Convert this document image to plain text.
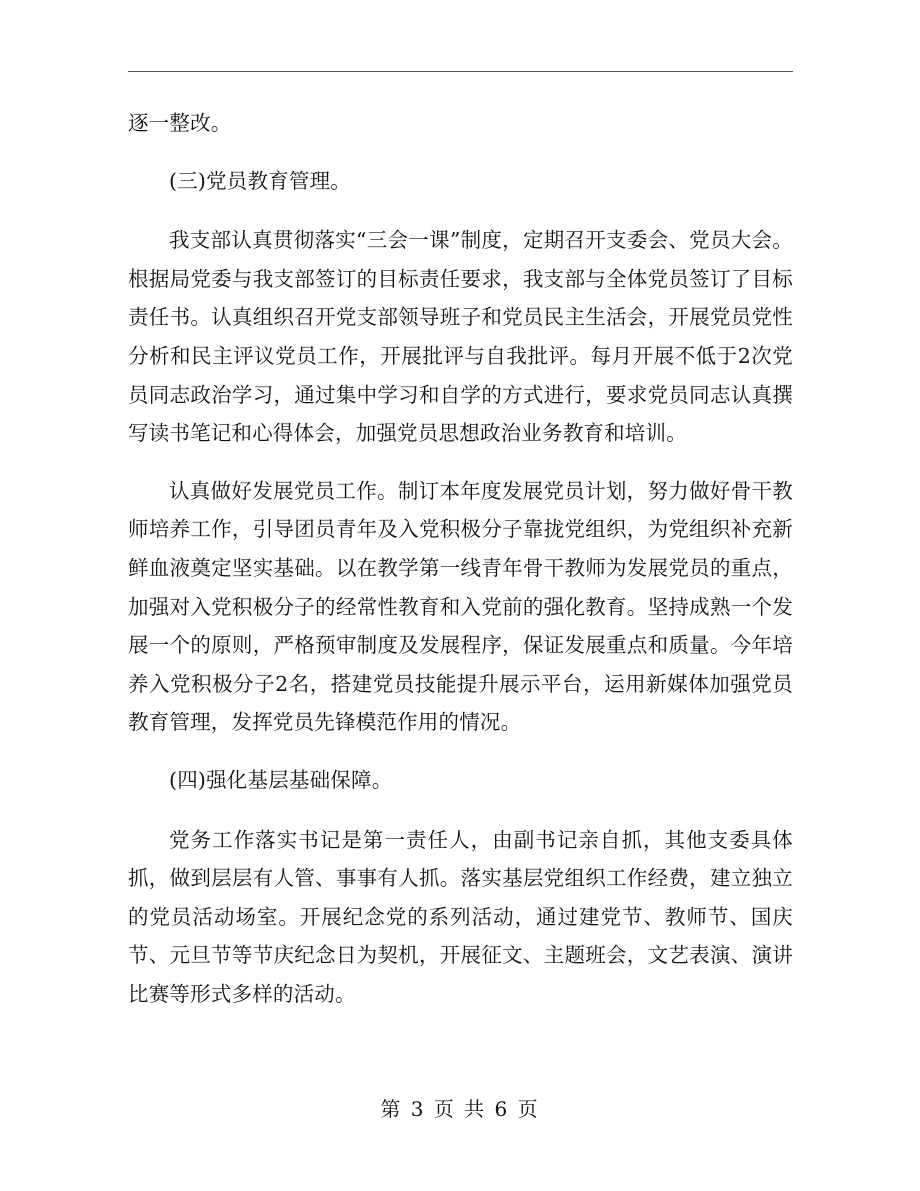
逐一整改。

(三)党员教育管理。

我支部认真贯彻落实“三会一课”制度，定期召开支委会、党员大会。根据局党委与我支部签订的目标责任要求，我支部与全体党员签订了目标责任书。认真组织召开党支部领导班子和党员民主生活会，开展党员党性分析和民主评议党员工作，开展批评与自我批评。每月开展不低于2次党员同志政治学习，通过集中学习和自学的方式进行，要求党员同志认真撰写读书笔记和心得体会，加强党员思想政治业务教育和培训。

认真做好发展党员工作。制订本年度发展党员计划，努力做好骨干教师培养工作，引导团员青年及入党积极分子靠拢党组织，为党组织补充新鲜血液奠定坚实基础。以在教学第一线青年骨干教师为发展党员的重点，加强对入党积极分子的经常性教育和入党前的强化教育。坚持成熟一个发展一个的原则，严格预审制度及发展程序，保证发展重点和质量。今年培养入党积极分子2名，搭建党员技能提升展示平台，运用新媒体加强党员教育管理，发挥党员先锋模范作用的情况。

(四)强化基层基础保障。

党务工作落实书记是第一责任人，由副书记亲自抓，其他支委具体抓，做到层层有人管、事事有人抓。落实基层党组织工作经费，建立独立的党员活动场室。开展纪念党的系列活动，通过建党节、教师节、国庆节、元旦节等节庆纪念日为契机，开展征文、主题班会，文艺表演、演讲比赛等形式多样的活动。

第 3 页 共 6 页
